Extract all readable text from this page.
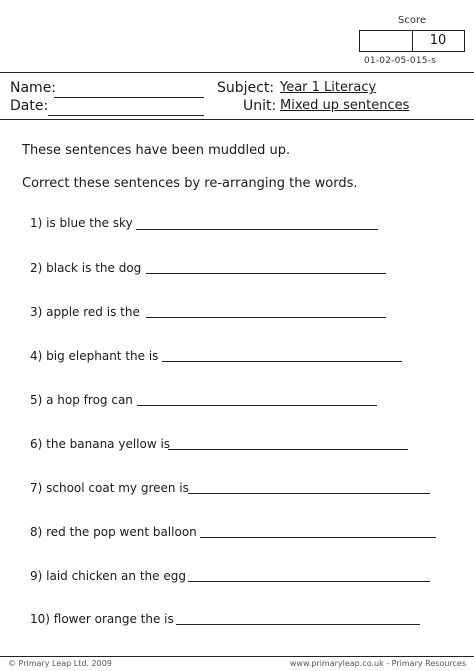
Score
10
01-02-05-015-s
Name:
Date:
Subject: Year 1 Literacy
Unit: Mixed up sentences
These sentences have been muddled up.
Correct these sentences by re-arranging the words.
1) is blue the sky
2) black is the dog
3) apple red is the
4) big elephant the is
5) a hop frog can
6) the banana yellow is
7) school coat my green is
8) red the pop went balloon
9) laid chicken an the egg
10) flower orange the is
© Primary Leap Ltd. 2009	www.primaryleap.co.uk - Primary Resources
